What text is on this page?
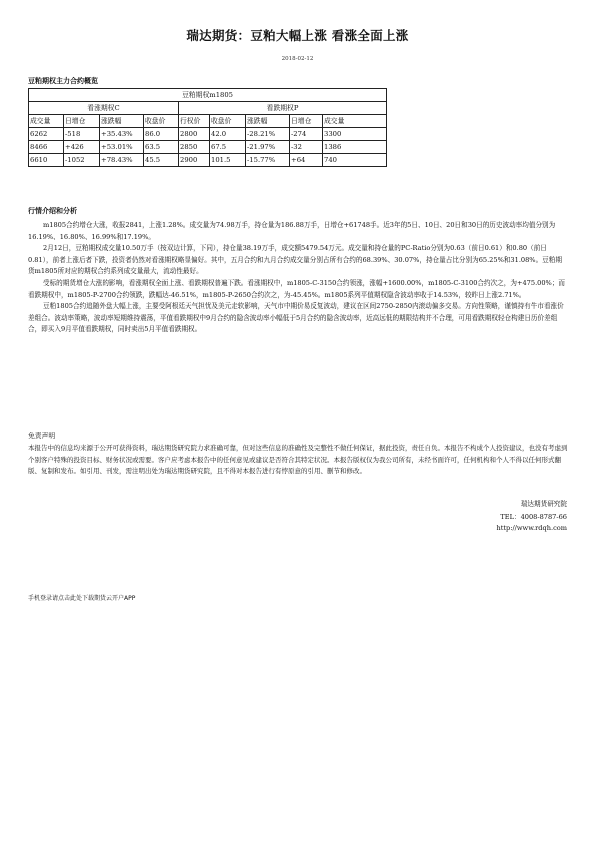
瑞达期货：豆粕大幅上涨 看涨全面上涨
2018-02-12
豆粕期权主力合约概览
豆粕期权m1805								
看涨期权C				看跌期权P				
成交量	日增仓	涨跌幅	收盘价	行权价	收盘价	涨跌幅	日增仓	成交量
6262	-518	+35.43%	86.0	2800	42.0	-28.21%	-274	3300
8466	+426	+53.01%	63.5	2850	67.5	-21.97%	-32	1386
6610	-1052	+78.43%	45.5	2900	101.5	-15.77%	+64	740
行情介绍和分析

m1805合约增仓大涨，收报2841，上涨1.28%。成交量为74.98万手，持仓量为186.88万手，日增仓+61748手。近3年的5日、10日、20日和30日的历史波动率均值分别为16.19%、16.80%、16.99%和17.19%。

2月12日，豆粕期权成交量10.50万手（按双边计算，下同），持仓量38.19万手，成交额5479.54万元。成交量和持仓量的PC-Ratio分别为0.63（前日0.61）和0.80（前日0.81），前者上涨后者下跌，投资者仍然对看涨期权略显偏好。其中，五月合约和九月合约成交量分别占所有合约的68.39%、30.07%，持仓量占比分别为65.25%和31.08%。豆粕期货m1805所对应的期权合约系列成交量最大，流动性最好。

受标的期货增仓大涨的影响，看涨期权全面上涨、看跌期权普遍下跌。看涨期权中，m1805-C-3150合约领涨，涨幅+1600.00%，m1805-C-3100合约次之，为+475.00%；而看跌期权中，m1805-P-2700合约领跌，跌幅达-46.51%，m1805-P-2650合约次之，为-45.45%。m1805系列平值期权隐含波动率收于14.53%，较昨日上涨2.71%。

豆粕1805合约追随外盘大幅上涨，主要受阿根廷天气担忧及美元走软影响，天气市中期价易反复波动，建议在区间2750-2850内滚动偏多交易。方向性策略，谨慎持有牛市看涨价差组合。波动率策略，波动率短期维持震荡，平值看跌期权中9月合约的隐含波动率小幅低于5月合约的隐含波动率，近高远低的期限结构并不合理，可用看跌期权轻仓构建日历价差组合，即买入9月平值看跌期权，同时卖出5月平值看跌期权。

免责声明
本报告中的信息均来源于公开可获得资料，瑞达期货研究院力求准确可靠，但对这些信息的准确性及完整性不做任何保证，据此投资，责任自负。本报告不构成个人投资建议，也没有考虑到个别客户特殊的投资目标、财务状况或需要。客户应考虑本报告中的任何意见或建议是否符合其特定状况。本报告版权仅为我公司所有，未经书面许可，任何机构和个人不得以任何形式翻版、复制和发布。如引用、刊发，需注明出处为瑞达期货研究院，且不得对本报告进行有悖原意的引用、删节和修改。
瑞达期货研究院
TEL：4008-8787-66
http://www.rdqh.com
手机登录请点击此处下载期货云开户APP
